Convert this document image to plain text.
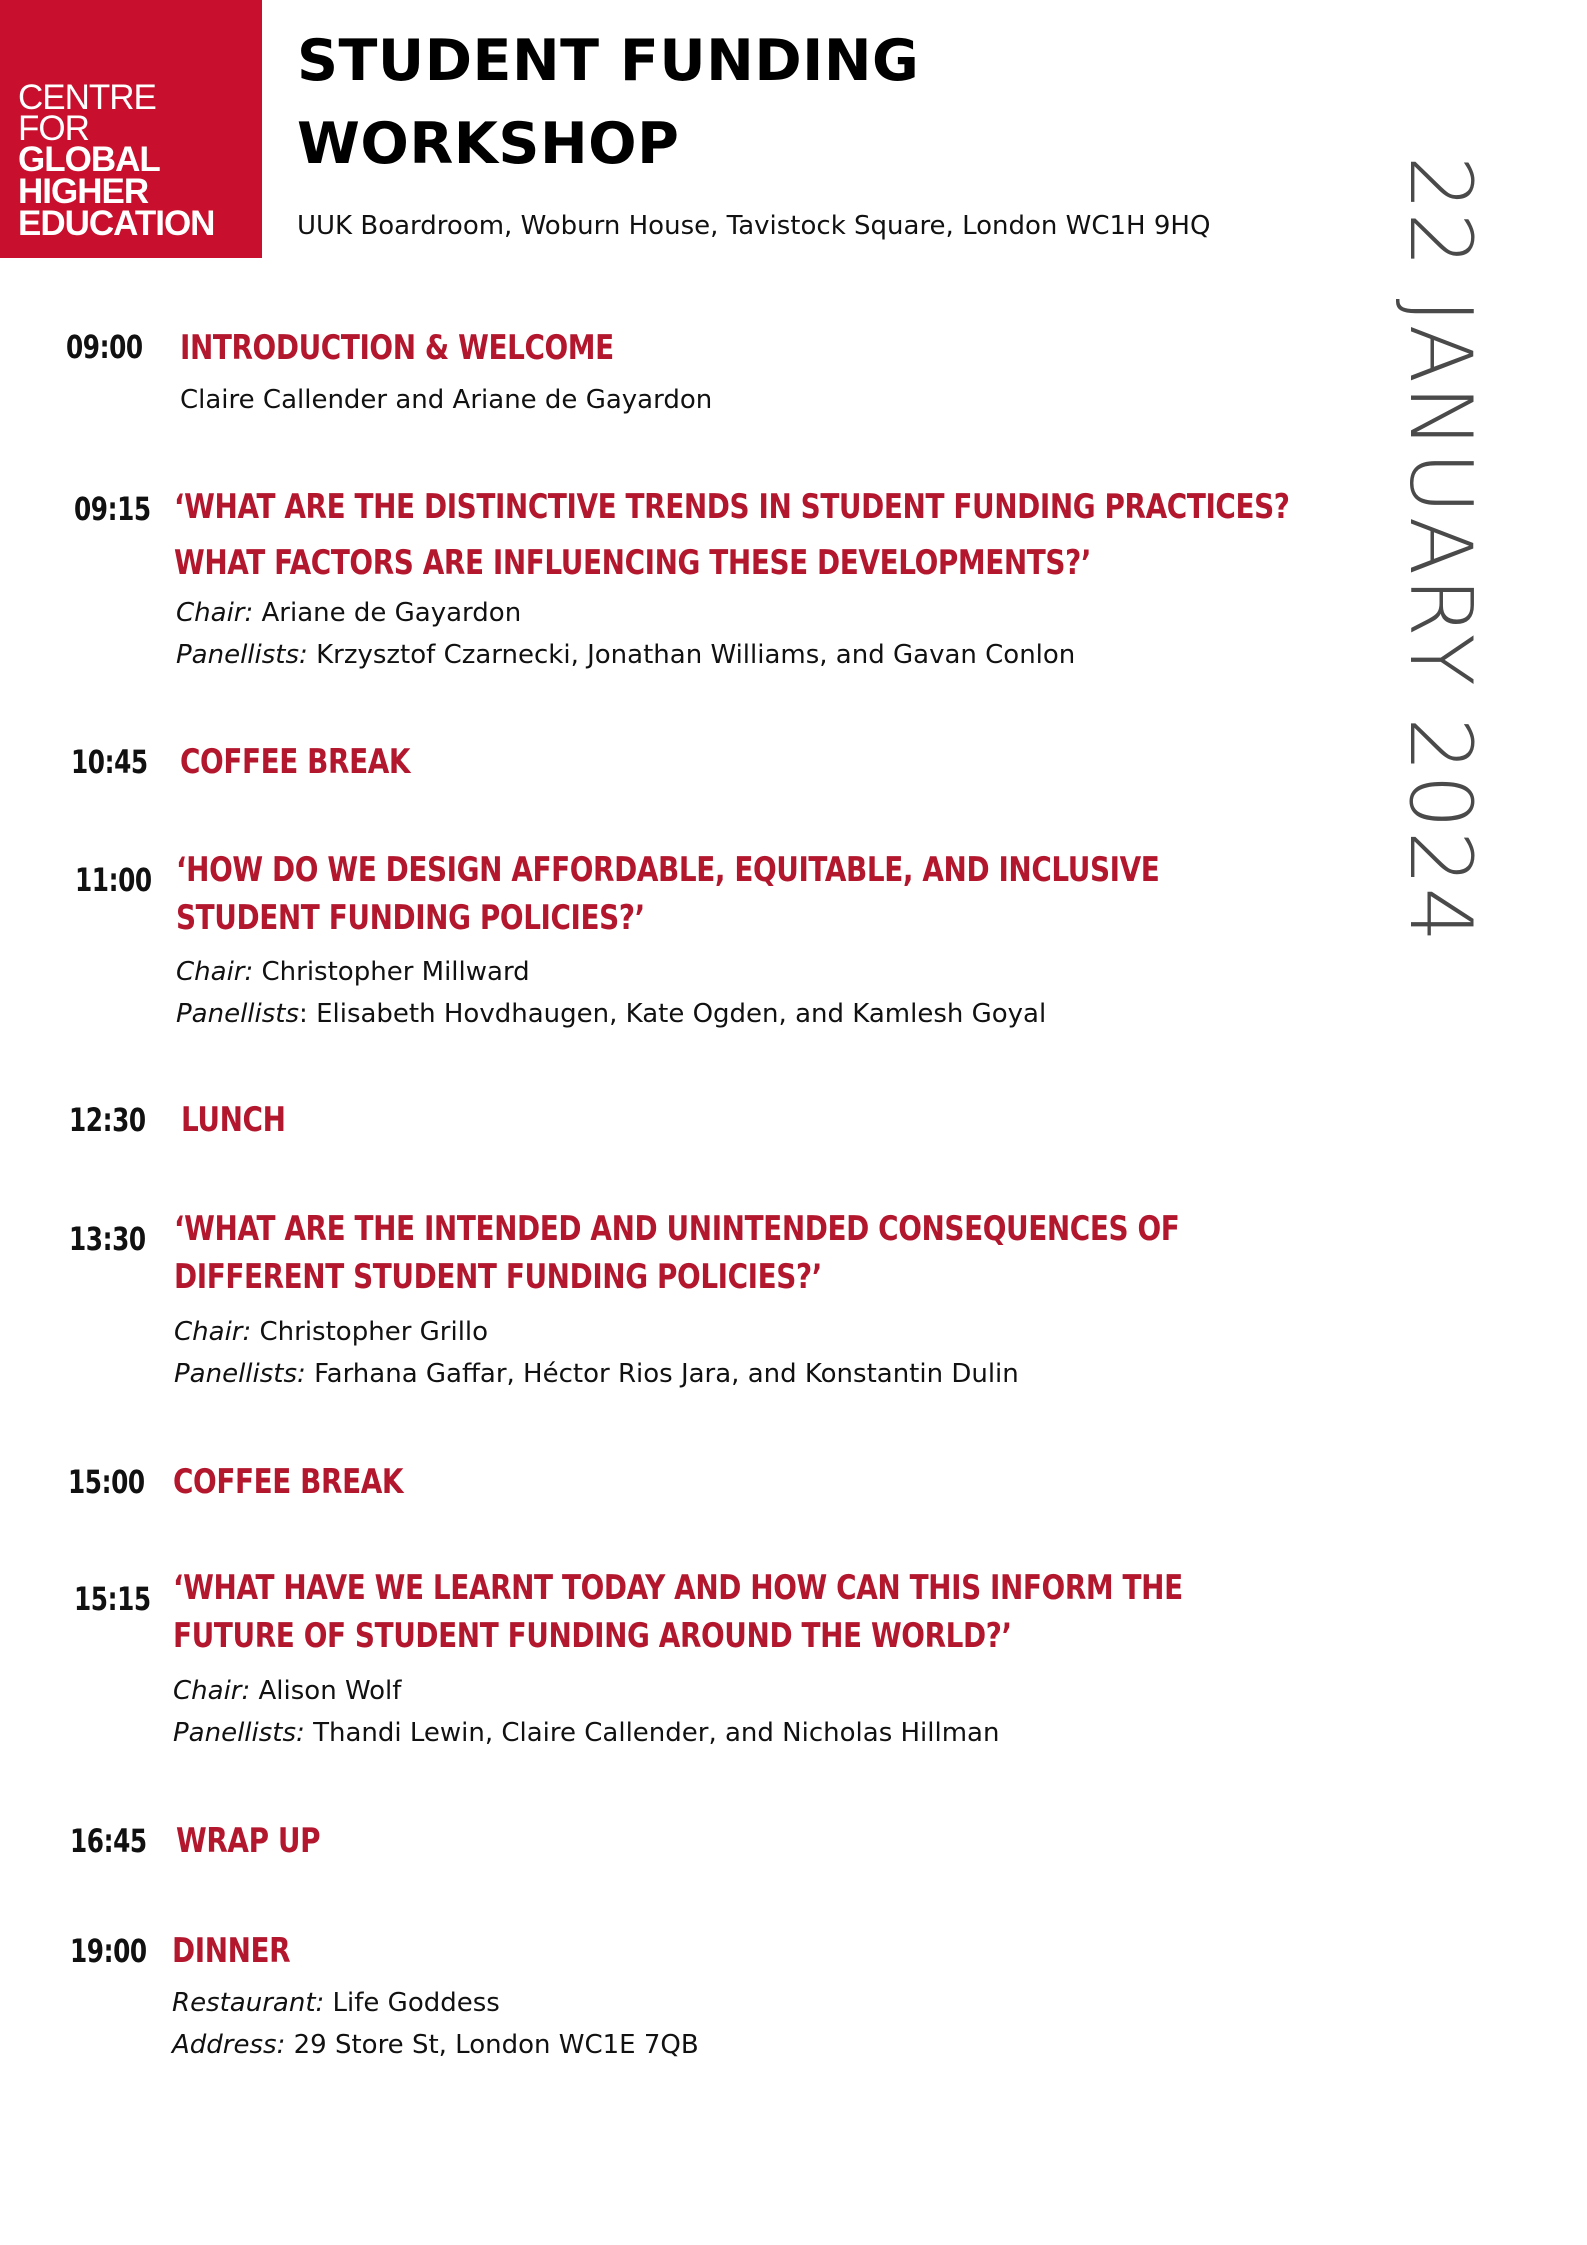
CENTRE
FOR
GLOBAL
HIGHER
EDUCATION
STUDENT FUNDING
WORKSHOP
UUK Boardroom, Woburn House, Tavistock Square, London WC1H 9HQ 22 JANUARY 2024
09:00 INTRODUCTION & WELCOME
Claire Callender and Ariane de Gayardon
09:15 ‘WHAT ARE THE DISTINCTIVE TRENDS IN STUDENT FUNDING PRACTICES?
WHAT FACTORS ARE INFLUENCING THESE DEVELOPMENTS?’
Chair: Ariane de Gayardon
Panellists: Krzysztof Czarnecki, Jonathan Williams, and Gavan Conlon
10:45 COFFEE BREAK
11:00 ‘HOW DO WE DESIGN AFFORDABLE, EQUITABLE, AND INCLUSIVE
STUDENT FUNDING POLICIES?’
Chair: Christopher Millward
Panellists: Elisabeth Hovdhaugen, Kate Ogden, and Kamlesh Goyal
12:30 LUNCH
13:30 ‘WHAT ARE THE INTENDED AND UNINTENDED CONSEQUENCES OF
DIFFERENT STUDENT FUNDING POLICIES?’
Chair: Christopher Grillo
Panellists: Farhana Gaffar, Héctor Rios Jara, and Konstantin Dulin
15:00 COFFEE BREAK
15:15 ‘WHAT HAVE WE LEARNT TODAY AND HOW CAN THIS INFORM THE
FUTURE OF STUDENT FUNDING AROUND THE WORLD?’
Chair: Alison Wolf
Panellists: Thandi Lewin, Claire Callender, and Nicholas Hillman
16:45 WRAP UP
19:00 DINNER
Restaurant: Life Goddess
Address: 29 Store St, London WC1E 7QB
